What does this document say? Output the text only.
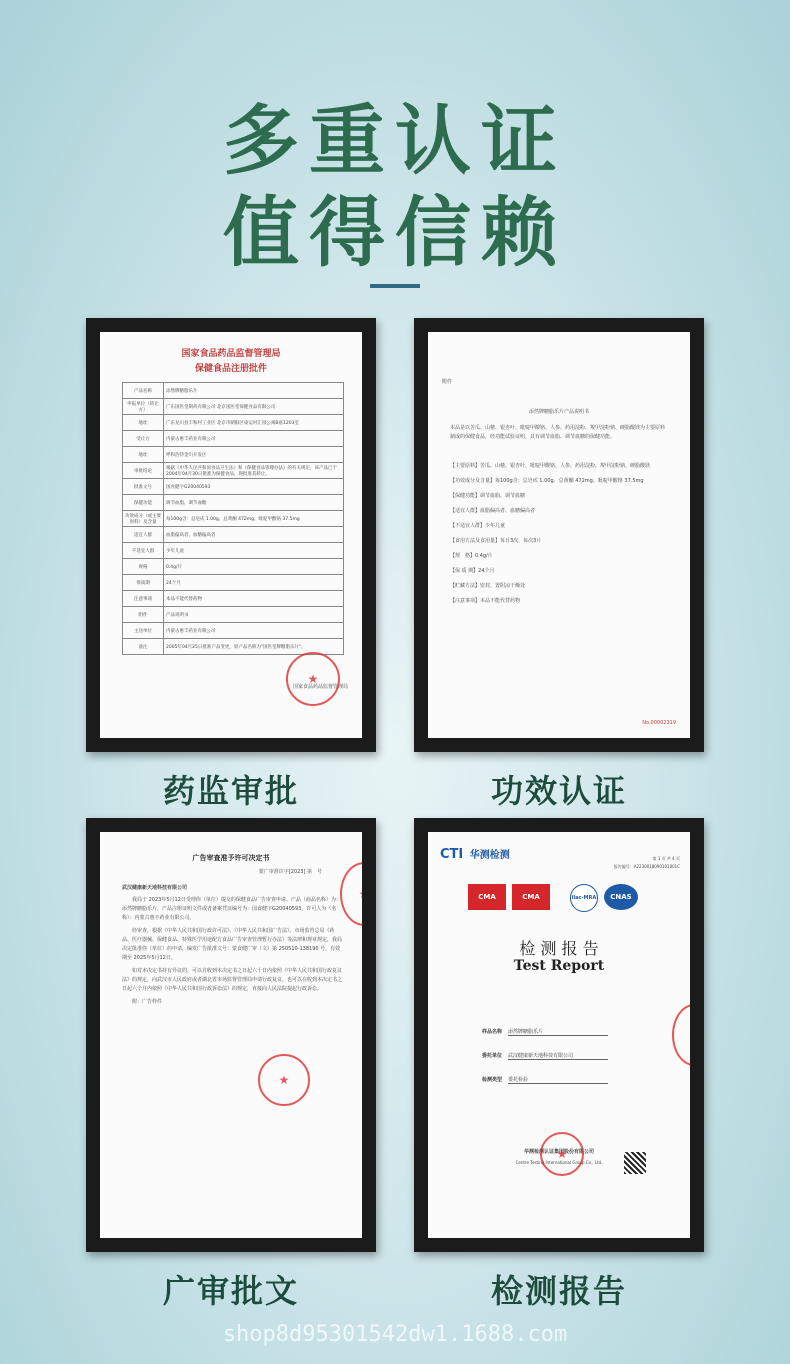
多重认证
值得信赖
国家食品药品监督管理局
保健食品注册批件
产品名称	添然牌糖脂乐片
申报单位（转让方）	广东国医堂制药有限公司 北京国医堂保健食品有限公司
地址	广东龙川县丰和村工业区 北京市朝阳区東运村汇园公寓B座1203室
受让方	内蒙古惠丰药业有限公司
地址	呼和浩特金川开发区
审批结论	根据《中华人民共和国食品卫生法》和《保健食品管理办法》的有关规定，该产品已于2004年04月30日批准为保健食品，现批准其转让。
批准文号	国食健字G20040593
保健功能	调节血脂、调节血糖
功效成分（或主要原料）及含量	每100g含：总皂甙 1.00g、总黄酮 472mg、吡啶甲酸铬 37.5mg
适宜人群	血脂偏高者、血糖偏高者
不适宜人群	少年儿童
规格	0.4g/片
保质期	24个月
注意事项	本品不能代替药物
附件	产品说明书
主送单位	内蒙古惠丰药业有限公司
备注	2005年04月25日批准产品变更，原产品名称为"国医堂牌糖脂乐片"。
国家食品药品监督管理局
★
药监审批
附件
添然牌糖脂乐片产品说明书
本品是以苦瓜、山楂、银杏叶、吡啶甲酸铬、人参、药用淀粉、羧甲淀粉钠、硬脂酸镁为主要原料制成的保健食品，经功能试验证明，具有调节血脂、调节血糖的保健功能。
【主要原料】苦瓜、山楂、银杏叶、吡啶甲酸铬、人参、药用淀粉、羧甲淀粉钠、硬脂酸镁
【功效成分及含量】每100g含：总皂甙 1.00g、总黄酮 472mg、吡啶甲酸铬 37.5mg
【保健功能】调节血脂、调节血糖
【适宜人群】血脂偏高者、血糖偏高者
【不适宜人群】少年儿童
【食用方法及食用量】每日3次，每次3片
【规　格】0.4g/片
【保 质 期】24个月
【贮藏方法】密封，置阴凉干燥处
【注意事项】本品不能代替药物
No.00002319
功效认证
广告审查准予许可决定书
蒙广审准许字[2023] 第　号
武汉健康新天地科技有限公司
我局于 2023年5月12日受理你（单位）提交的保健食品广告审查申请。产品（商品名称）为：添然牌糖脂乐片，产品注册证明文件或者备案凭证编号为：国食健字G20040593，许可人为（名称）：内蒙古惠丰药业有限公司。
经审查，根据《中华人民共和国行政许可法》、《中华人民共和国广告法》、市场监管总局《药品、医疗器械、保健食品、特殊医学用途配方食品广告审查管理暂行办法》等法律和规章规定，我局决定批准你（单位）的申请，编发广告批准文号：蒙食健广审（文）第 250510-138190 号，有效期至 2025年5月12日。
如对本决定书持有异议的，可以自收到本决定书之日起六十日内依照《中华人民共和国行政复议法》的规定，向武汉市人民政府或者湖北省市场监督管理局申请行政复议，也可以在收到本决定书之日起六个月内依照《中华人民共和国行政诉讼法》的规定，直接向人民法院提起行政诉讼。
附：广告样件
★
★
广审批文
CTI 华测检测	第 1 页 共 4 页
报告编号：A2230018090101001C
CMA	CMA	ilac-MRA	CNAS
检 测 报 告
Test Report
样品名称 添然牌糖脂乐片
委托单位 武汉健康新天地科技有限公司
检测类型 委托检验
华测检测认证集团股份有限公司
Centre Testing International Group Co., Ltd.
★
★
检测报告
shop8d95301542dw1.1688.com
